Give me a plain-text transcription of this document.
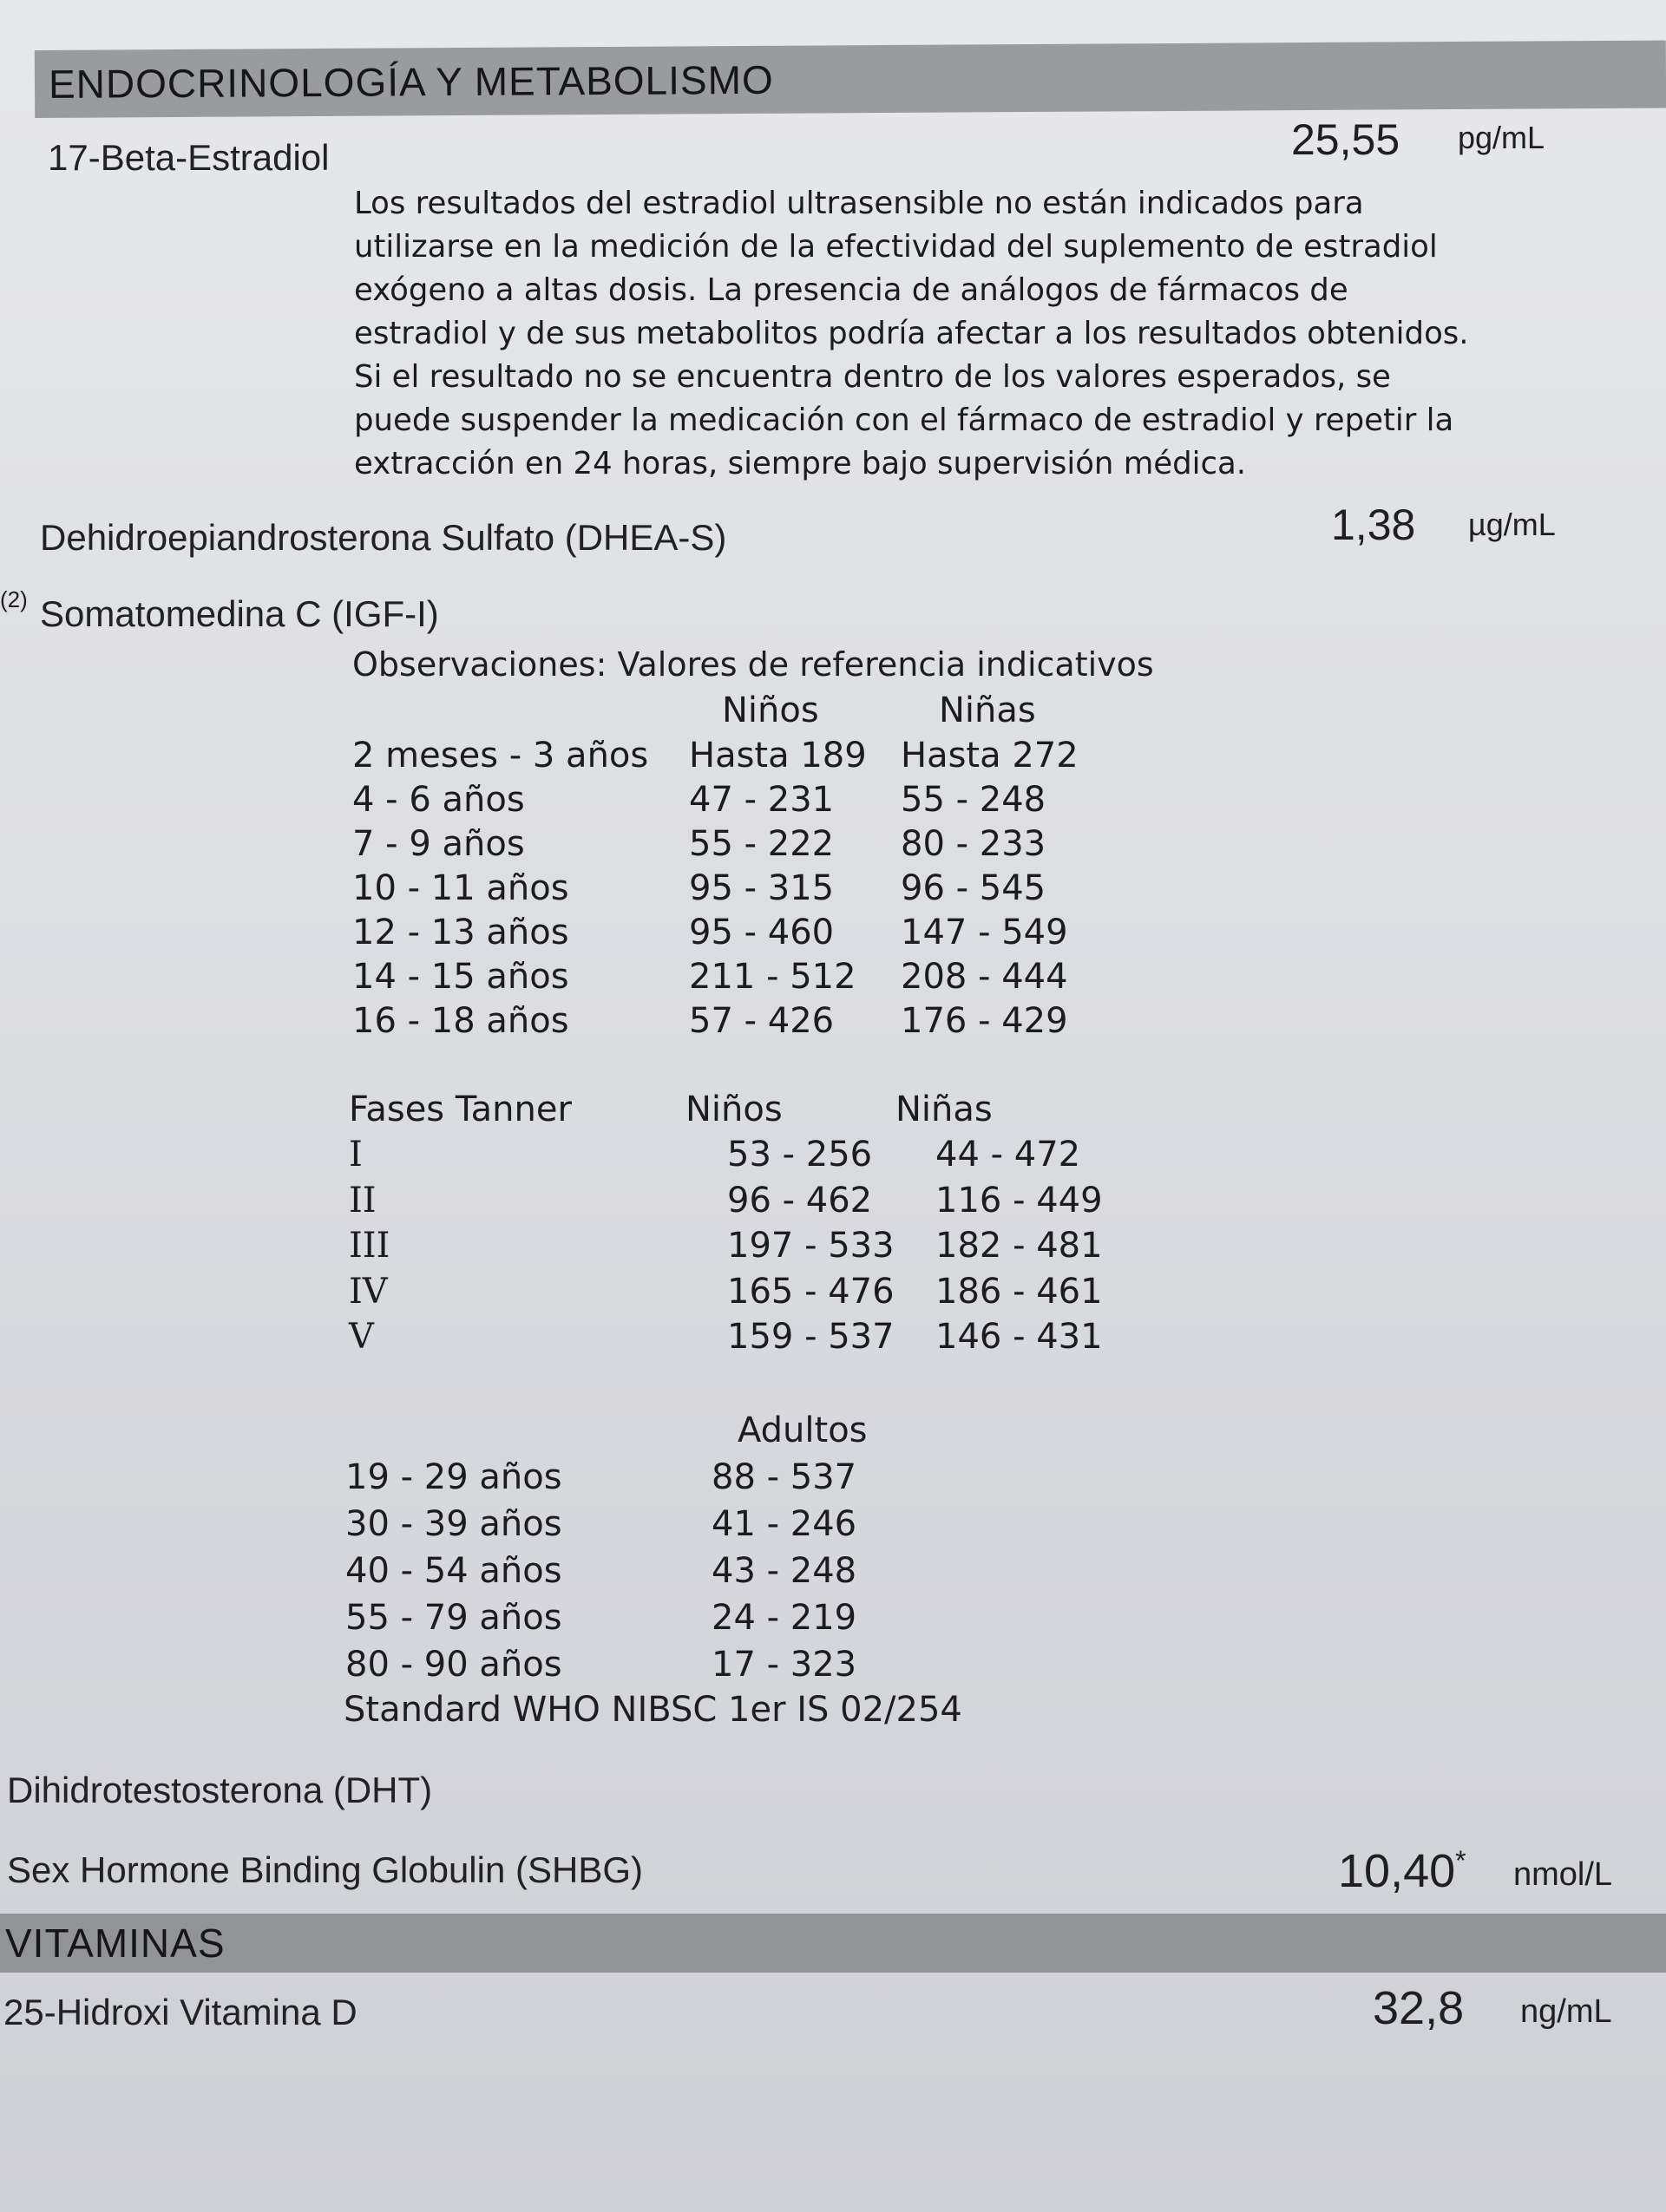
ENDOCRINOLOGÍA Y METABOLISMO
17-Beta-Estradiol	25,55 pg/mL
Los resultados del estradiol ultrasensible no están indicados para
utilizarse en la medición de la efectividad del suplemento de estradiol
exógeno a altas dosis. La presencia de análogos de fármacos de
estradiol y de sus metabolitos podría afectar a los resultados obtenidos.
Si el resultado no se encuentra dentro de los valores esperados, se
puede suspender la medicación con el fármaco de estradiol y repetir la
extracción en 24 horas, siempre bajo supervisión médica.
Dehidroepiandrosterona Sulfato (DHEA-S)	1,38 µg/mL
(2) Somatomedina C (IGF-I)
Observaciones: Valores de referencia indicativos
Niños	Niñas
2 meses - 3 años Hasta 189 Hasta 272
4 - 6 años	47 - 231 55 - 248
7 - 9 años	55 - 222 80 - 233
10 - 11 años	95 - 315 96 - 545
12 - 13 años	95 - 460 147 - 549
14 - 15 años	211 - 512 208 - 444
16 - 18 años	57 - 426 176 - 429
Fases Tanner	Niños	Niñas
I	53 - 256 44 - 472
II	96 - 462 116 - 449
III	197 - 533 182 - 481
IV	165 - 476 186 - 461
V	159 - 537 146 - 431
Adultos
19 - 29 años	88 - 537
30 - 39 años	41 - 246
40 - 54 años	43 - 248
55 - 79 años	24 - 219
80 - 90 años	17 - 323
Standard WHO NIBSC 1er IS 02/254
Dihidrotestosterona (DHT)
Sex Hormone Binding Globulin (SHBG)	10,40* nmol/L
VITAMINAS
25-Hidroxi Vitamina D	32,8 ng/mL
